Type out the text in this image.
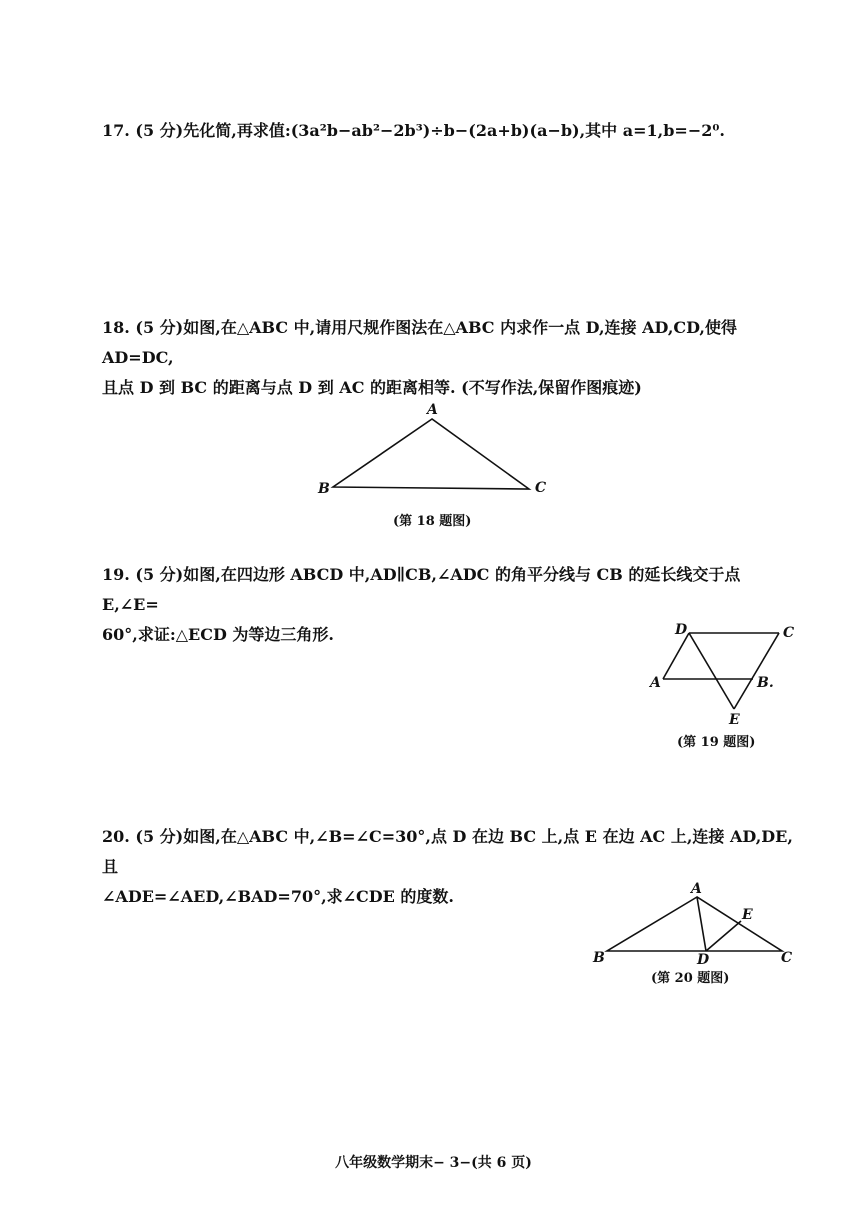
17. (5 分)先化简,再求值:(3a²b−ab²−2b³)÷b−(2a+b)(a−b),其中 a=1,b=−2⁰.
18. (5 分)如图,在△ABC 中,请用尺规作图法在△ABC 内求作一点 D,连接 AD,CD,使得 AD=DC,
且点 D 到 BC 的距离与点 D 到 AC 的距离相等. (不写作法,保留作图痕迹)
19. (5 分)如图,在四边形 ABCD 中,AD∥CB,∠ADC 的角平分线与 CB 的延长线交于点 E,∠E=
60°,求证:△ECD 为等边三角形.
20. (5 分)如图,在△ABC 中,∠B=∠C=30°,点 D 在边 BC 上,点 E 在边 AC 上,连接 AD,DE,且
∠ADE=∠AED,∠BAD=70°,求∠CDE 的度数.
A
B	C
D	C
A	B.
E
A
E
B	D	C
(第 18 题图)
(第 19 题图)
(第 20 题图)
八年级数学期末− 3−(共 6 页)
